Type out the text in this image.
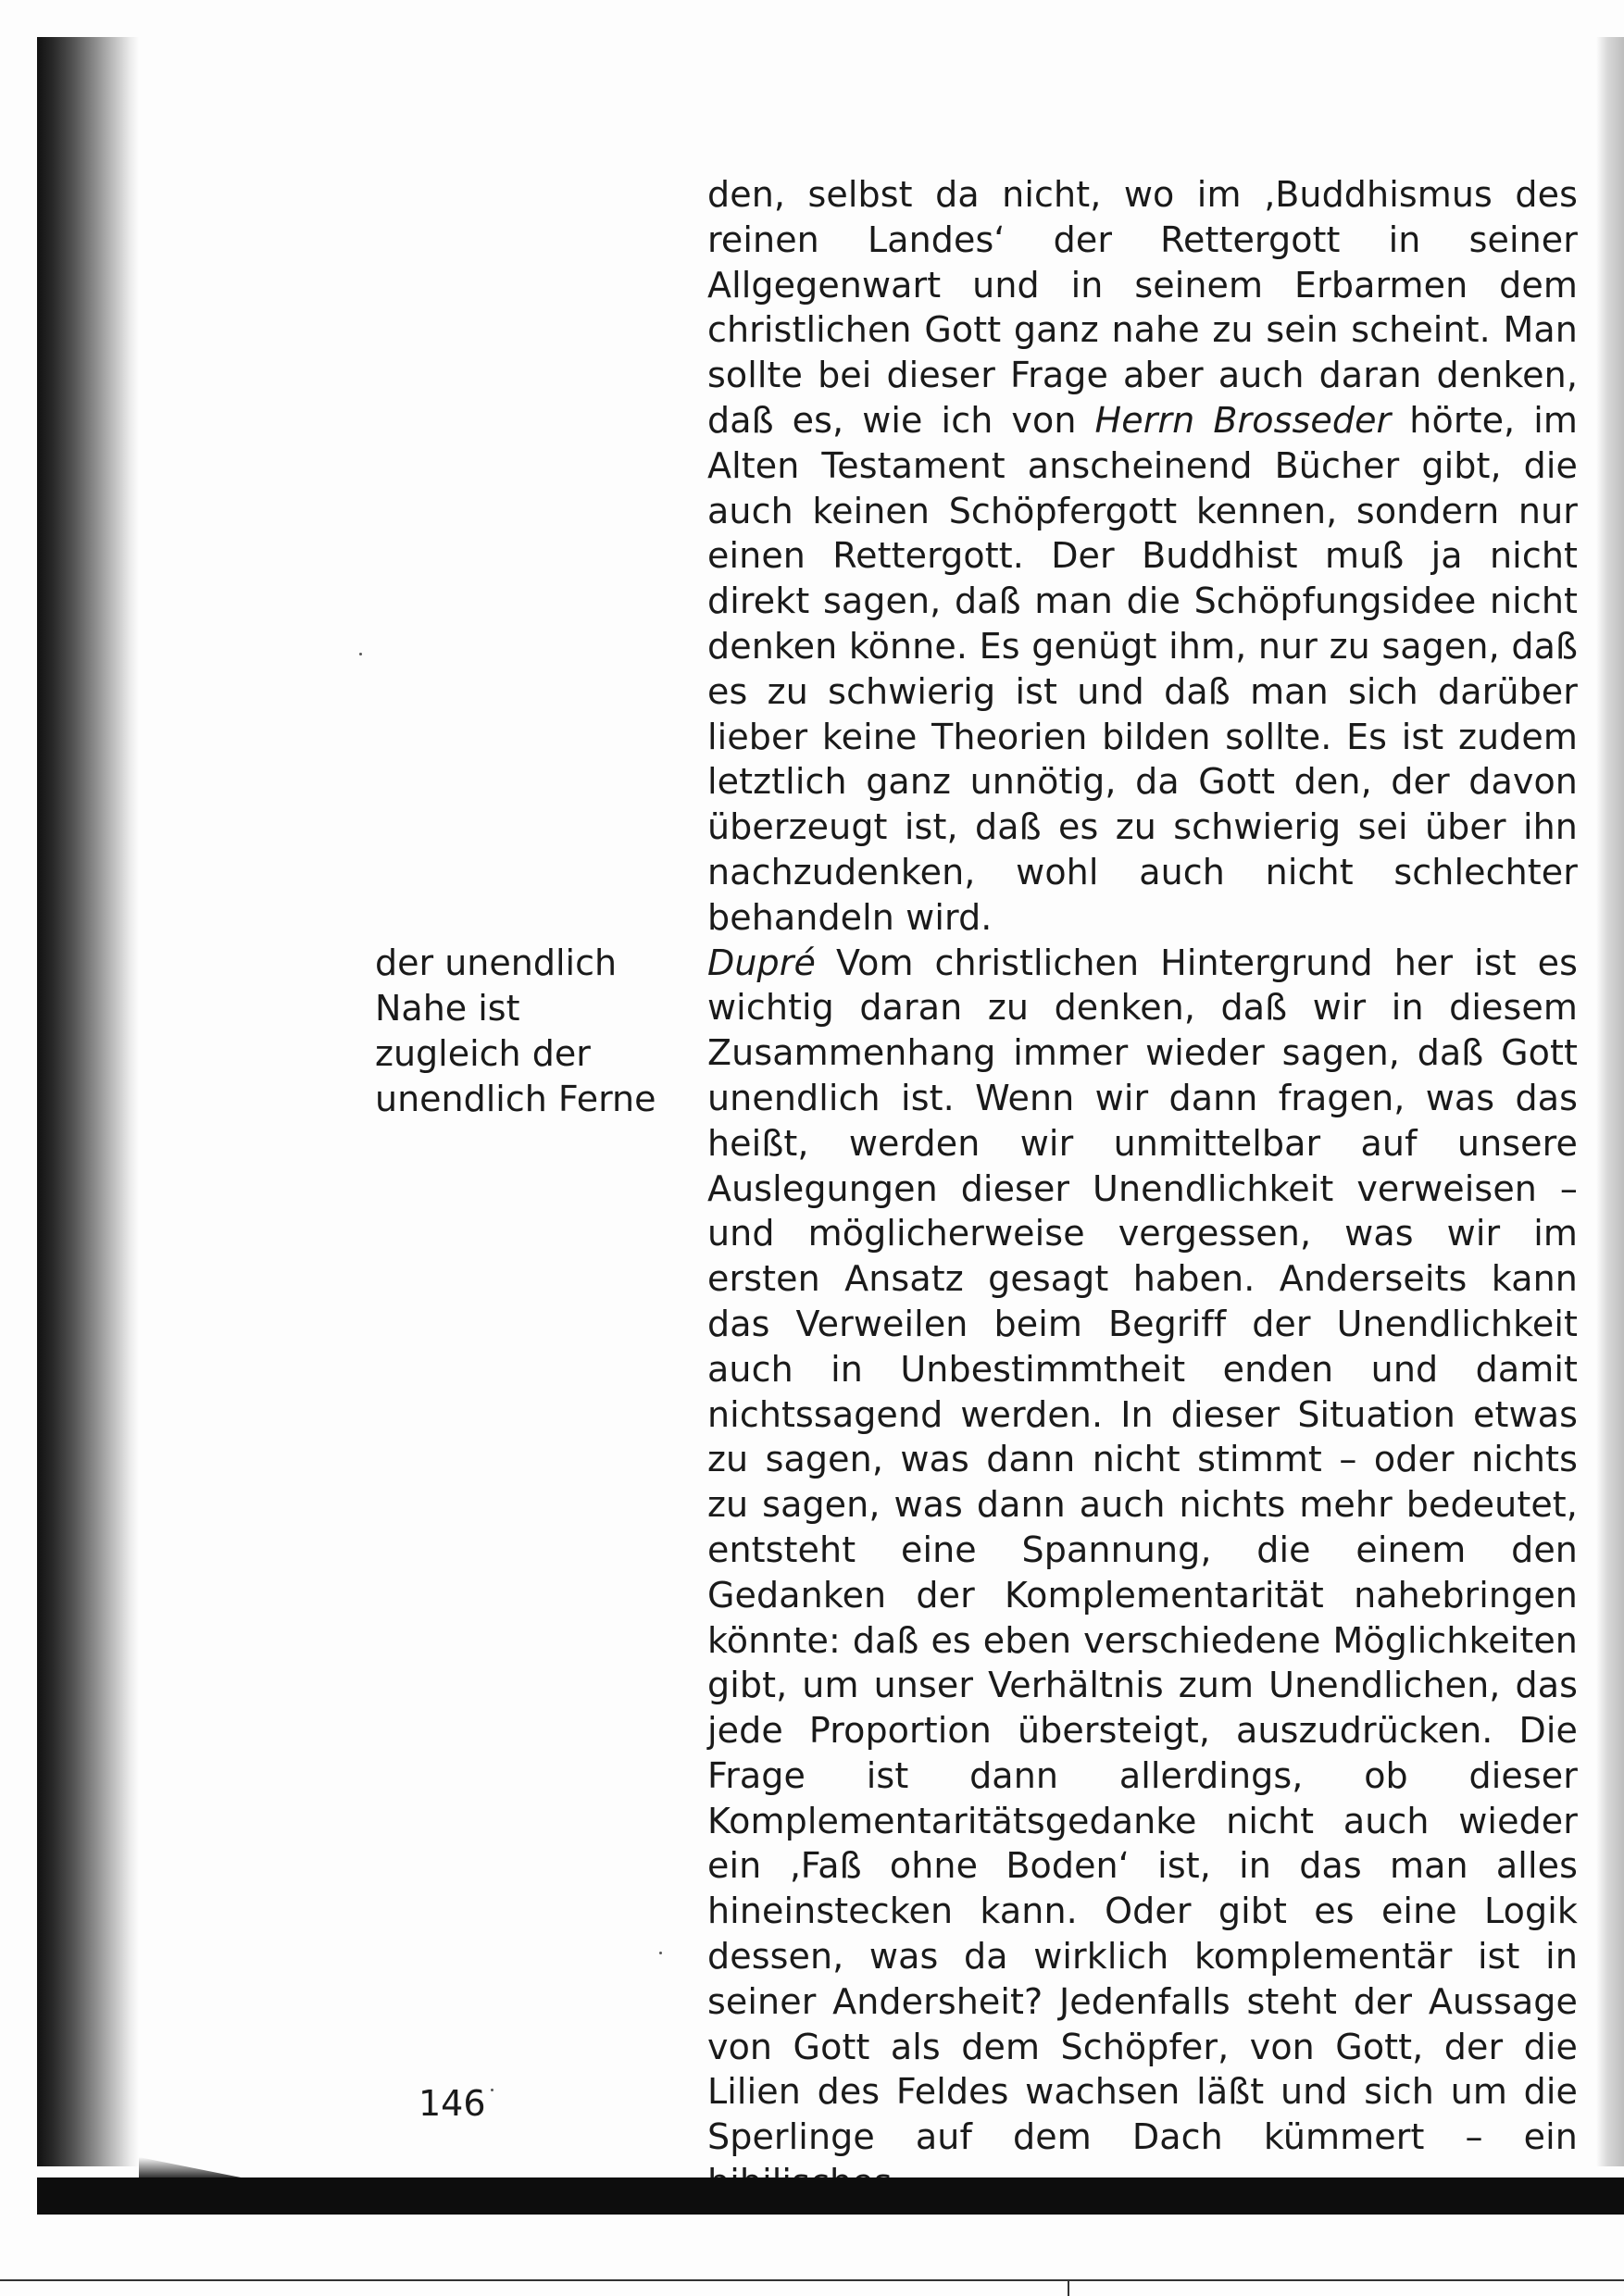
den, selbst da nicht, wo im ‚Buddhismus des reinen Landes‘ der Rettergott in seiner Allgegenwart und in seinem Erbarmen dem christlichen Gott ganz nahe zu sein scheint. Man sollte bei dieser Frage aber auch daran denken, daß es, wie ich von Herrn Brosseder hörte, im Alten Testament anscheinend Bücher gibt, die auch keinen Schöpfergott kennen, sondern nur einen Rettergott. Der Buddhist muß ja nicht direkt sagen, daß man die Schöpfungsidee nicht denken könne. Es genügt ihm, nur zu sagen, daß es zu schwierig ist und daß man sich darüber lieber keine Theorien bilden sollte. Es ist zudem letztlich ganz unnötig, da Gott den, der davon überzeugt ist, daß es zu schwierig sei über ihn nachzudenken, wohl auch nicht schlechter behandeln wird.

Dupré Vom christlichen Hintergrund her ist es wichtig daran zu denken, daß wir in diesem Zusammenhang immer wieder sagen, daß Gott unendlich ist. Wenn wir dann fragen, was das heißt, werden wir unmittelbar auf unsere Auslegungen dieser Unendlichkeit verweisen – und möglicherweise vergessen, was wir im ersten Ansatz gesagt haben. Anderseits kann das Verweilen beim Begriff der Unendlichkeit auch in Unbestimmtheit enden und damit nichtssagend werden. In dieser Situation etwas zu sagen, was dann nicht stimmt – oder nichts zu sagen, was dann auch nichts mehr bedeutet, entsteht eine Spannung, die einem den Gedanken der Komplementarität nahebringen könnte: daß es eben verschiedene Möglichkeiten gibt, um unser Verhältnis zum Unendlichen, das jede Proportion übersteigt, auszudrücken. Die Frage ist dann allerdings, ob dieser Komplementaritätsgedanke nicht auch wieder ein ‚Faß ohne Boden‘ ist, in das man alles hineinstecken kann. Oder gibt es eine Logik dessen, was da wirklich komplementär ist in seiner Andersheit? Jedenfalls steht der Aussage von Gott als dem Schöpfer, von Gott, der die Lilien des Feldes wachsen läßt und sich um die Sperlinge auf dem Dach kümmert – ein

der unendlich
Nahe ist
zugleich der
unendlich Ferne
146
